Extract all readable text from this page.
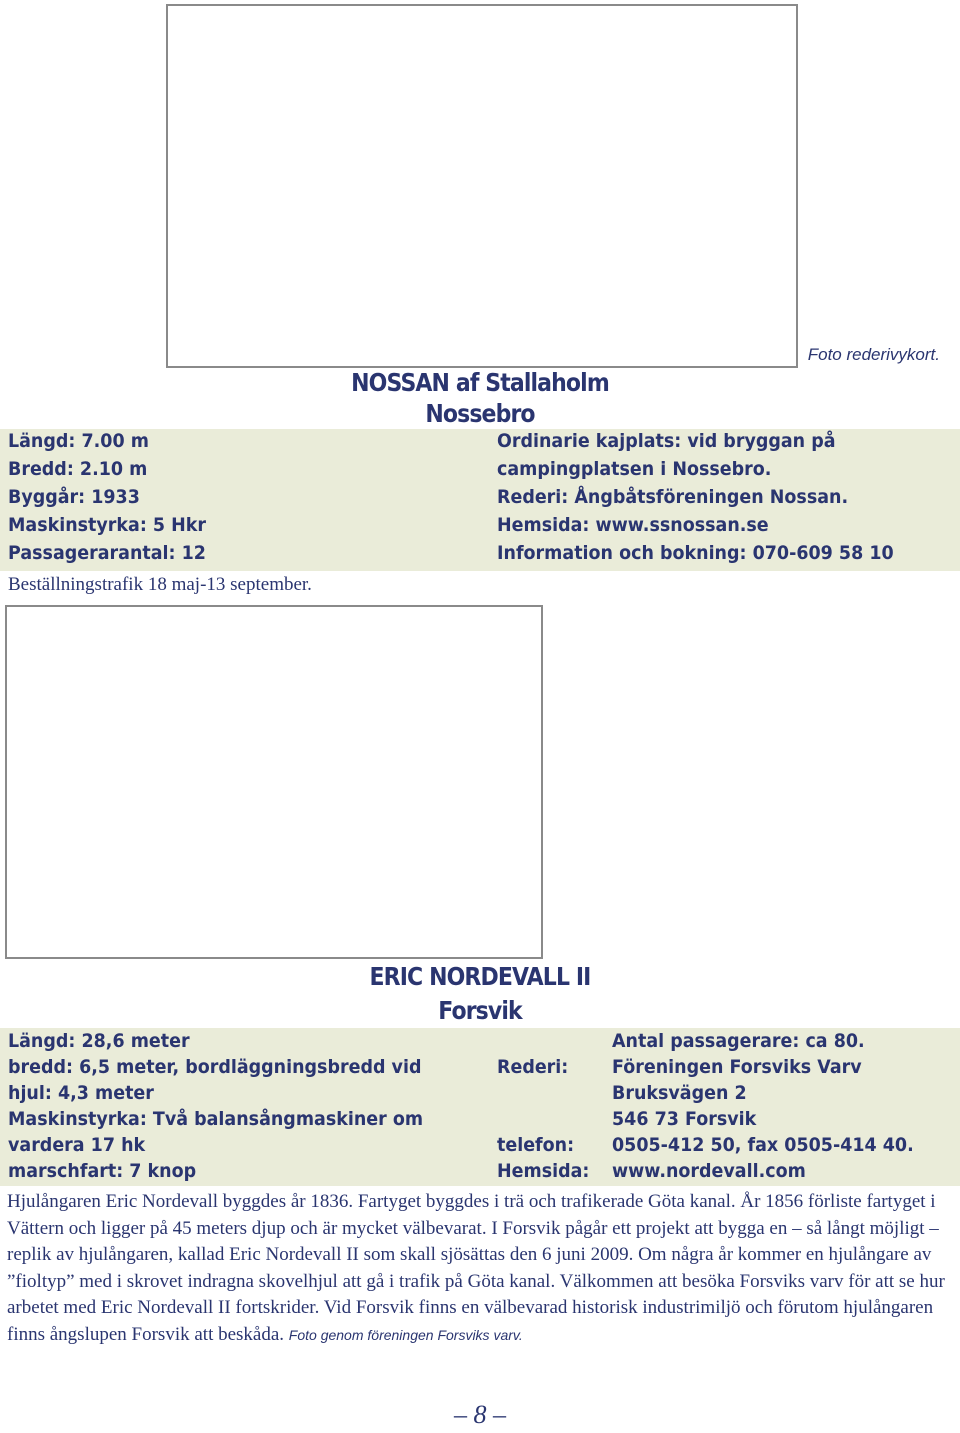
Foto rederivykort.
NOSSAN af Stallaholm
Nossebro
Längd: 7.00 m
Bredd: 2.10 m
Byggår: 1933
Maskinstyrka: 5 Hkr
Passagerarantal: 12
Ordinarie kajplats: vid bryggan på
campingplatsen i Nossebro.
Rederi: Ångbåtsföreningen Nossan.
Hemsida: www.ssnossan.se
Information och bokning: 070-609 58 10
Beställningstrafik 18 maj-13 september.
ERIC NORDEVALL II
Forsvik
Längd: 28,6 meter
bredd: 6,5 meter, bordläggningsbredd vid
hjul: 4,3 meter
Maskinstyrka: Två balansångmaskiner om
vardera 17 hk
marschfart: 7 knop
Rederi:
telefon:
Hemsida:
Antal passagerare: ca 80.
Föreningen Forsviks Varv
Bruksvägen 2
546 73 Forsvik
0505-412 50, fax 0505-414 40.
www.nordevall.com
Hjulångaren Eric Nordevall byggdes år 1836. Fartyget byggdes i trä och trafikerade Göta kanal. År 1856 förliste fartyget i Vättern och ligger på 45 meters djup och är mycket välbevarat. I Forsvik pågår ett projekt att bygga en – så långt möjligt – replik av hjulångaren, kallad Eric Nordevall II som skall sjösättas den 6 juni 2009. Om några år kommer en hjulångare av ”fioltyp” med i skrovet indragna skovelhjul att gå i trafik på Göta kanal. Välkommen att besöka Forsviks varv för att se hur arbetet med Eric Nordevall II fortskrider. Vid Forsvik finns en välbevarad historisk industrimiljö och förutom hjulångaren finns ångslupen Forsvik att beskåda. Foto genom föreningen Forsviks varv.
– 8 –
